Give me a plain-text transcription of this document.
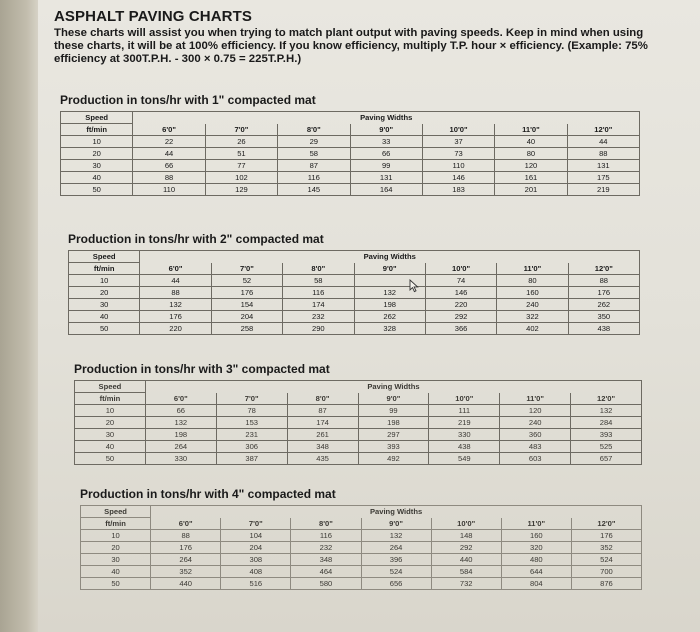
ASPHALT PAVING CHARTS
These charts will assist you when trying to match plant output with paving speeds. Keep in mind when using these charts, it will be at 100% efficiency. If you know efficiency, multiply T.P. hour × efficiency. (Example: 75% efficiency at 300T.P.H. - 300 × 0.75 = 225T.P.H.)
Production in tons/hr with 1" compacted mat
Speed	Paving Widths						
ft/min	6'0"	7'0"	8'0"	9'0"	10'0"	11'0"	12'0"
10	22	26	29	33	37	40	44
20	44	51	58	66	73	80	88
30	66	77	87	99	110	120	131
40	88	102	116	131	146	161	175
50	110	129	145	164	183	201	219
Production in tons/hr with 2" compacted mat
Speed	Paving Widths						
ft/min	6'0"	7'0"	8'0"	9'0"	10'0"	11'0"	12'0"
10	44	52	58		74	80	88
20	88	176	116	132	146	160	176
30	132	154	174	198	220	240	262
40	176	204	232	262	292	322	350
50	220	258	290	328	366	402	438
Production in tons/hr with 3" compacted mat
Speed	Paving Widths						
ft/min	6'0"	7'0"	8'0"	9'0"	10'0"	11'0"	12'0"
10	66	78	87	99	111	120	132
20	132	153	174	198	219	240	284
30	198	231	261	297	330	360	393
40	264	306	348	393	438	483	525
50	330	387	435	492	549	603	657
Production in tons/hr with 4" compacted mat
Speed	Paving Widths						
ft/min	6'0"	7'0"	8'0"	9'0"	10'0"	11'0"	12'0"
10	88	104	116	132	148	160	176
20	176	204	232	264	292	320	352
30	264	308	348	396	440	480	524
40	352	408	464	524	584	644	700
50	440	516	580	656	732	804	876
